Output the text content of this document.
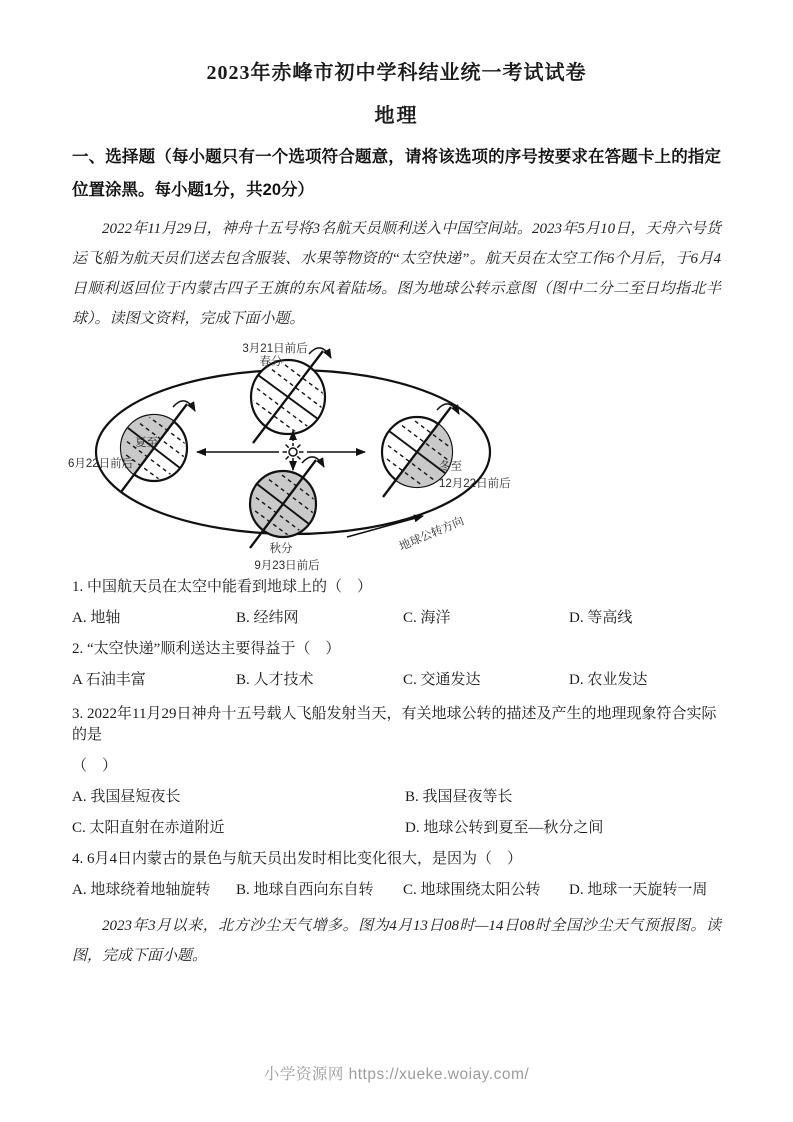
2023年赤峰市初中学科结业统一考试试卷
地理

一、选择题（每小题只有一个选项符合题意，请将该选项的序号按要求在答题卡上的指定位置涂黑。每小题1分，共20分）

2022年11月29日，神舟十五号将3名航天员顺利送入中国空间站。2023年5月10日，天舟六号货运飞船为航天员们送去包含服装、水果等物资的“太空快递”。航天员在太空工作6个月后，于6月4日顺利返回位于内蒙古四子王旗的东风着陆场。图为地球公转示意图（图中二分二至日均指北半球）。读图文资料，完成下面小题。

地球公转方向
3月21日前后
春分
夏至
6月22日前后	冬至
12月22日前后
秋分
9月23日前后

1. 中国航天员在太空中能看到地球上的（　）

A. 地轴	B. 经纬网	C. 海洋	D. 等高线

2. “太空快递”顺利送达主要得益于（　）

A 石油丰富	B. 人才技术	C. 交通发达	D. 农业发达

3. 2022年11月29日神舟十五号载人飞船发射当天，有关地球公转的描述及产生的地理现象符合实际的是

（　）

A. 我国昼短夜长	B. 我国昼夜等长
C. 太阳直射在赤道附近	D. 地球公转到夏至—秋分之间

4. 6月4日内蒙古的景色与航天员出发时相比变化很大，是因为（　）

A. 地球绕着地轴旋转	B. 地球自西向东自转	C. 地球围绕太阳公转	D. 地球一天旋转一周

2023年3月以来，北方沙尘天气增多。图为4月13日08时—14日08时全国沙尘天气预报图。读图，完成下面小题。

小学资源网 https://xueke.woiay.com/
